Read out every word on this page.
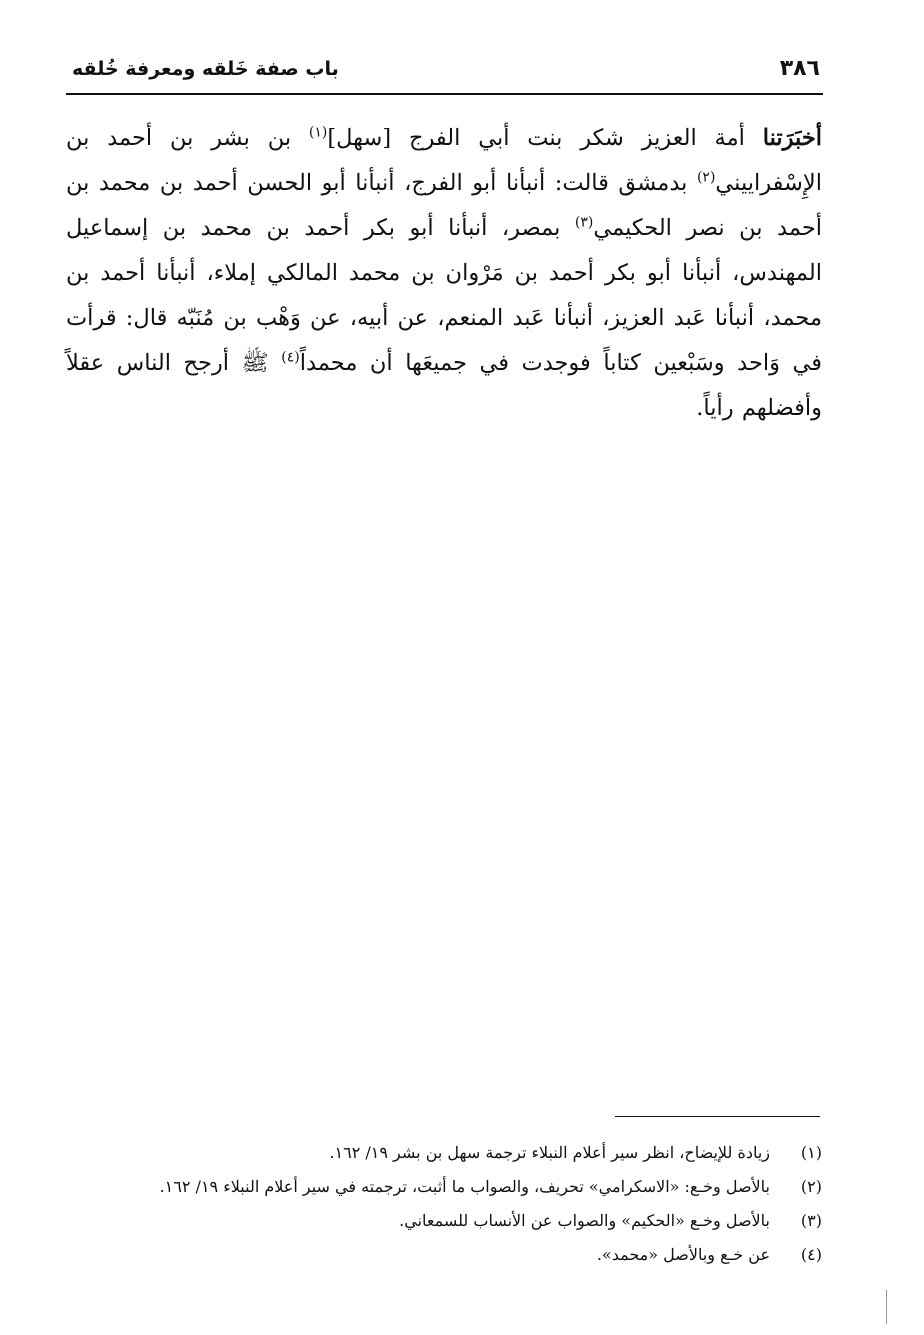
٣٨٦
باب صفة خَلقه ومعرفة خُلقه
أخبَرَتنا أمة العزيز شكر بنت أبي الفرج [سهل]$^{(١)}$ بن بشر بن أحمد بن الإِسْفراييني$^{(٢)}$ بدمشق قالت: أنبأنا أبو الفرج، أنبأنا أبو الحسن أحمد بن محمد بن أحمد بن نصر الحكيمي$^{(٣)}$ بمصر، أنبأنا أبو بكر أحمد بن محمد بن إسماعيل المهندس، أنبأنا أبو بكر أحمد بن مَرْوان بن محمد المالكي إملاء، أنبأنا أحمد بن محمد، أنبأنا عَبد العزيز، أنبأنا عَبد المنعم، عن أبيه، عن وَهْب بن مُنَبّه قال: قرأت في وَاحد وسَبْعين كتاباً فوجدت في جميعَها أن محمداً$^{(٤)}$ ﷺ أرجح الناس عقلاً وأفضلهم رأياً.
(١)
زيادة للإيضاح، انظر سير أعلام النبلاء ترجمة سهل بن بشر ١٩/ ١٦٢.
(٢)
بالأصل وخـع: «الاسكرامي» تحريف، والصواب ما أثبت، ترجمته في سير أعلام النبلاء ١٩/ ١٦٢.
(٣)
بالأصل وخـع «الحكيم» والصواب عن الأنساب للسمعاني.
(٤)
عن خـع وبالأصل «محمد».
